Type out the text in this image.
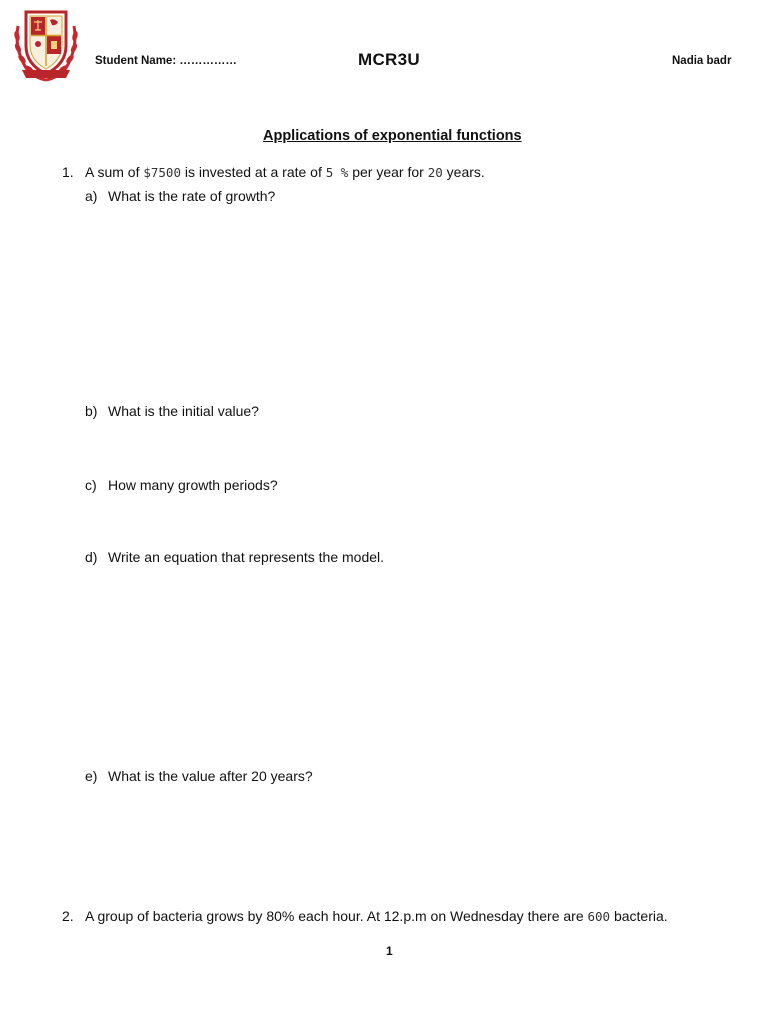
Student Name: ……………	MCR3U	Nadia badr
Applications of exponential functions
1. A sum of $7500 is invested at a rate of 5 % per year for 20 years.
a) What is the rate of growth?
b) What is the initial value?
c) How many growth periods?
d) Write an equation that represents the model.
e) What is the value after 20 years?
2. A group of bacteria grows by 80% each hour. At 12.p.m on Wednesday there are 600 bacteria.
1
